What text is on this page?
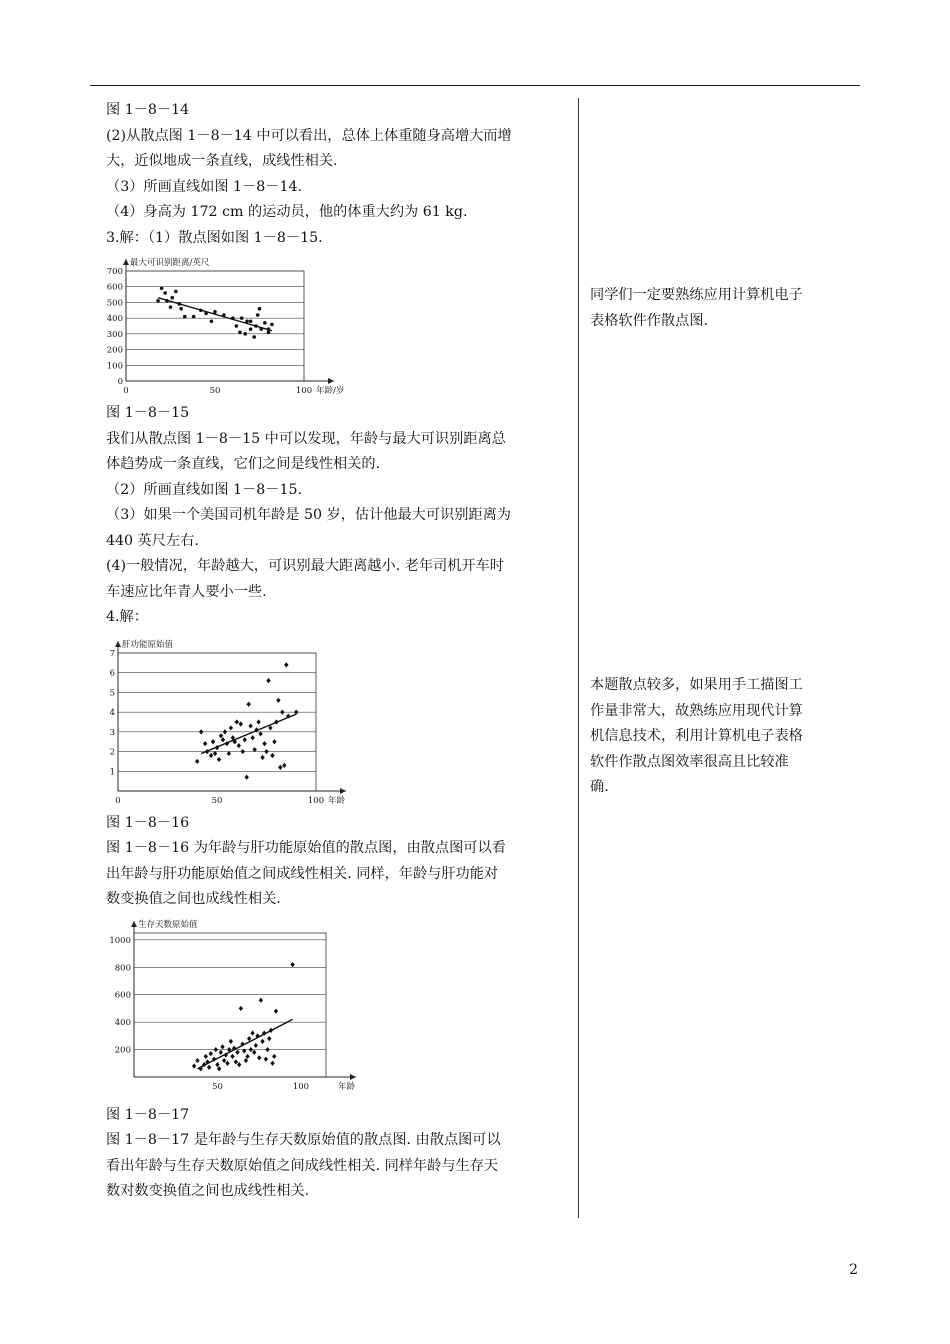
图 1－8－14

(2)从散点图 1－8－14 中可以看出，总体上体重随身高增大而增

大，近似地成一条直线，成线性相关.

（3）所画直线如图 1－8－14.

（4）身高为 172 cm 的运动员，他的体重大约为 61 kg.

3.解：（1）散点图如图 1－8－15.

0
100
200
300
400
500
600
700
0	50	100
最大可识别距离/英尺
年龄/岁

图 1－8－15

我们从散点图 1－8－15 中可以发现，年龄与最大可识别距离总

体趋势成一条直线，它们之间是线性相关的.

（2）所画直线如图 1－8－15.

（3）如果一个美国司机年龄是 50 岁，估计他最大可识别距离为

440 英尺左右.

(4)一般情况，年龄越大，可识别最大距离越小. 老年司机开车时

车速应比年青人要小一些.

4.解：

1
2
3
4
5
6
7
0	50	100
肝功能原始值
年龄

图 1－8－16

图 1－8－16 为年龄与肝功能原始值的散点图，由散点图可以看

出年龄与肝功能原始值之间成线性相关. 同样，年龄与肝功能对

数变换值之间也成线性相关.

200
400
600
800
1000
50	100
生存天数原始值
年龄

图 1－8－17

图 1－8－17 是年龄与生存天数原始值的散点图. 由散点图可以

看出年龄与生存天数原始值之间成线性相关. 同样年龄与生存天

数对数变换值之间也成线性相关.

同学们一定要熟练应用计算机电子

表格软件作散点图.

本题散点较多，如果用手工描图工

作量非常大，故熟练应用现代计算

机信息技术，利用计算机电子表格

软件作散点图效率很高且比较准

确.

2
